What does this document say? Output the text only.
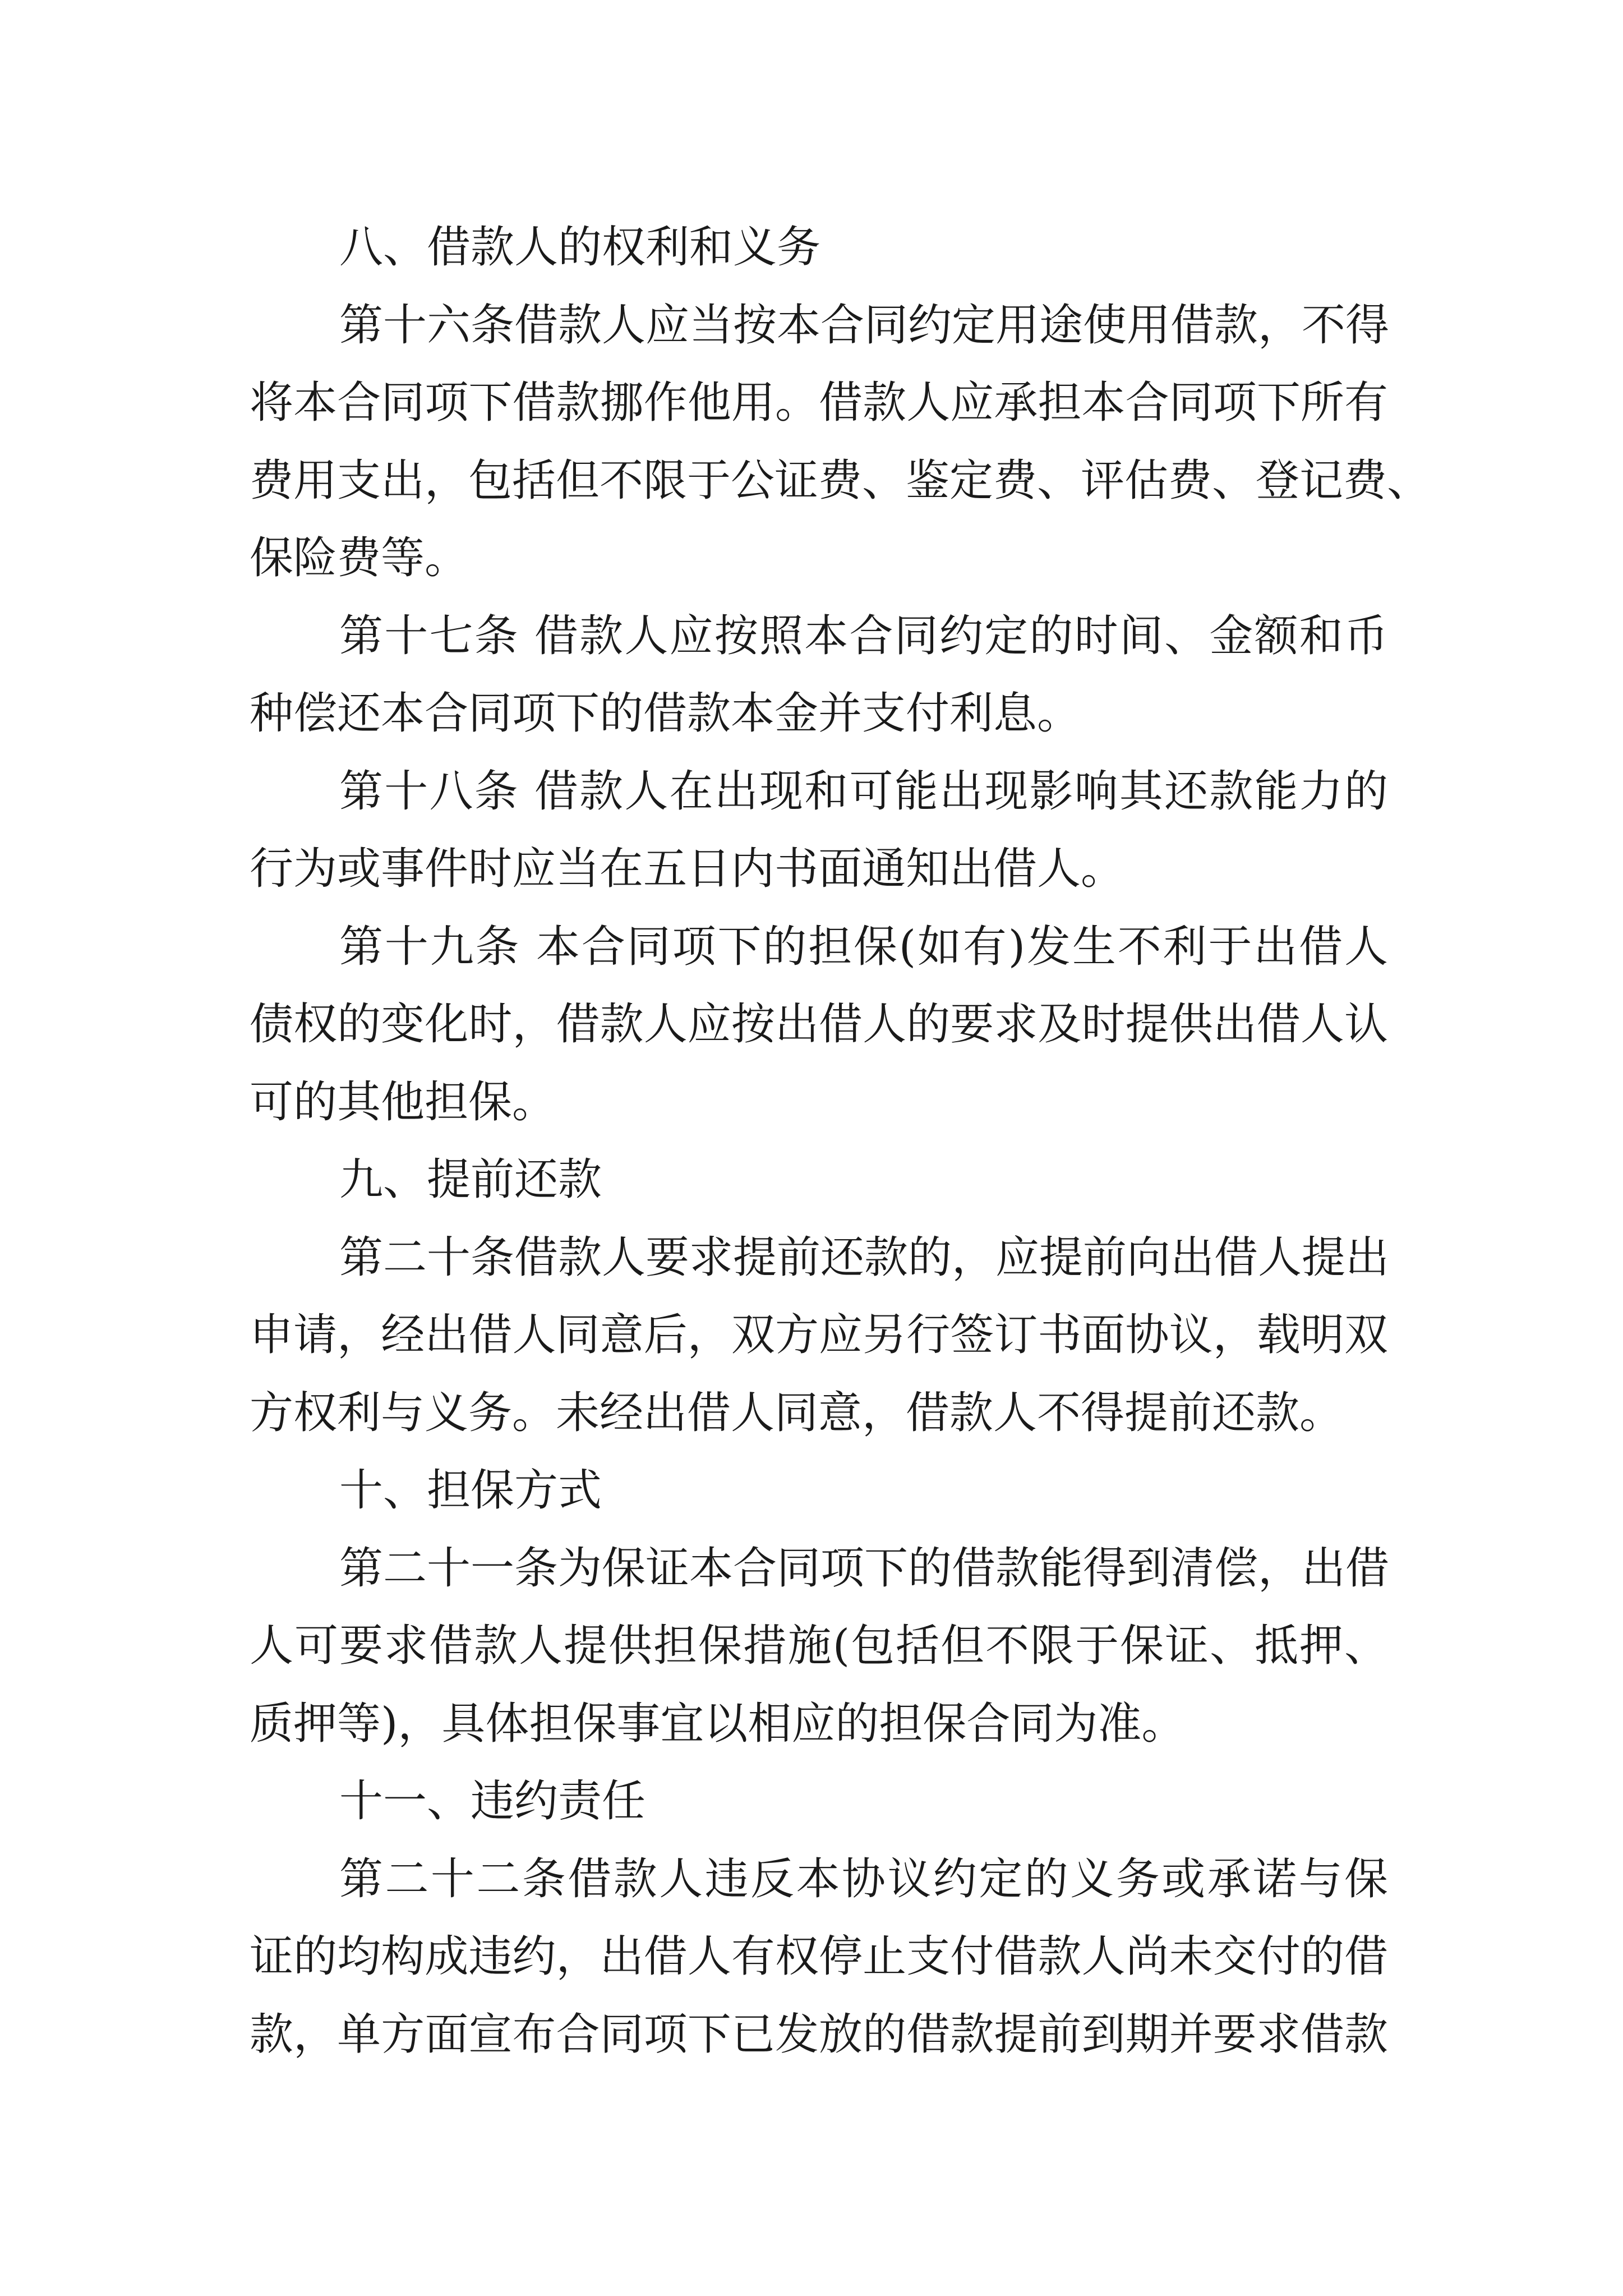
八、借款人的权利和义务
第十六条借款人应当按本合同约定用途使用借款，不得
将本合同项下借款挪作他用。借款人应承担本合同项下所有
费用支出，包括但不限于公证费、鉴定费、评估费、登记费、
保险费等。
第十七条 借款人应按照本合同约定的时间、金额和币
种偿还本合同项下的借款本金并支付利息。
第十八条 借款人在出现和可能出现影响其还款能力的
行为或事件时应当在五日内书面通知出借人。
第十九条 本合同项下的担保(如有)发生不利于出借人
债权的变化时，借款人应按出借人的要求及时提供出借人认
可的其他担保。
九、提前还款
第二十条借款人要求提前还款的，应提前向出借人提出
申请，经出借人同意后，双方应另行签订书面协议，载明双
方权利与义务。未经出借人同意，借款人不得提前还款。
十、担保方式
第二十一条为保证本合同项下的借款能得到清偿，出借
人可要求借款人提供担保措施(包括但不限于保证、抵押、
质押等)，具体担保事宜以相应的担保合同为准。
十一、违约责任
第二十二条借款人违反本协议约定的义务或承诺与保
证的均构成违约，出借人有权停止支付借款人尚未交付的借
款，单方面宣布合同项下已发放的借款提前到期并要求借款
